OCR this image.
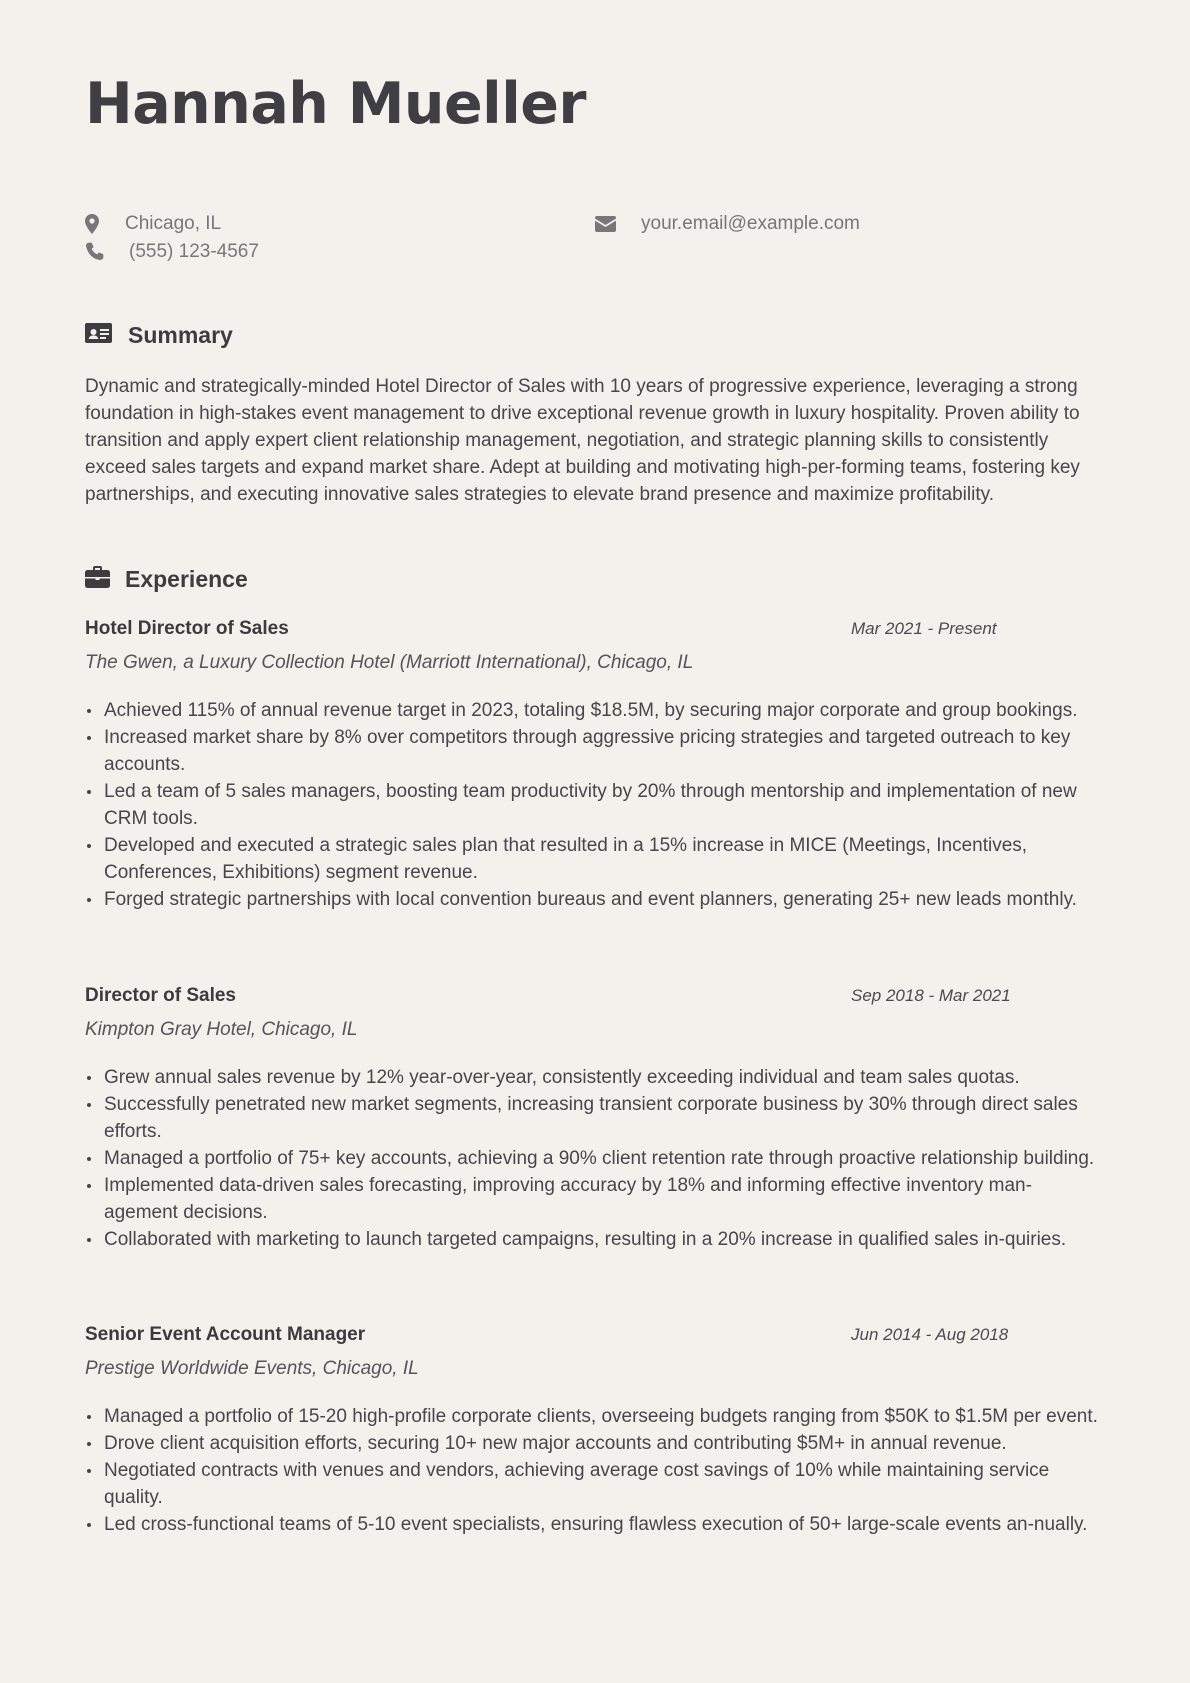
Hannah Mueller
Chicago, IL
(555) 123-4567
your.email@example.com
Summary

Dynamic and strategically-minded Hotel Director of Sales with 10 years of progressive experience, leveraging a strong foundation in high-stakes event management to drive exceptional revenue growth in luxury hospitality. Proven ability to transition and apply expert client relationship management, negotiation, and strategic planning skills to consistently exceed sales targets and expand market share. Adept at building and motivating high-per-forming teams, fostering key partnerships, and executing innovative sales strategies to elevate brand presence and maximize profitability.

Experience
Hotel Director of Sales	Mar 2021 - Present
The Gwen, a Luxury Collection Hotel (Marriott International), Chicago, IL
Achieved 115% of annual revenue target in 2023, totaling $18.5M, by securing major corporate and group bookings.
Increased market share by 8% over competitors through aggressive pricing strategies and targeted outreach to key accounts.
Led a team of 5 sales managers, boosting team productivity by 20% through mentorship and implementation of new CRM tools.
Developed and executed a strategic sales plan that resulted in a 15% increase in MICE (Meetings, Incentives, Conferences, Exhibitions) segment revenue.
Forged strategic partnerships with local convention bureaus and event planners, generating 25+ new leads monthly.
Director of Sales	Sep 2018 - Mar 2021
Kimpton Gray Hotel, Chicago, IL
Grew annual sales revenue by 12% year-over-year, consistently exceeding individual and team sales quotas.
Successfully penetrated new market segments, increasing transient corporate business by 30% through direct sales efforts.
Managed a portfolio of 75+ key accounts, achieving a 90% client retention rate through proactive relationship building.
Implemented data-driven sales forecasting, improving accuracy by 18% and informing effective inventory man-agement decisions.
Collaborated with marketing to launch targeted campaigns, resulting in a 20% increase in qualified sales in-quiries.
Senior Event Account Manager	Jun 2014 - Aug 2018
Prestige Worldwide Events, Chicago, IL
Managed a portfolio of 15-20 high-profile corporate clients, overseeing budgets ranging from $50K to $1.5M per event.
Drove client acquisition efforts, securing 10+ new major accounts and contributing $5M+ in annual revenue.
Negotiated contracts with venues and vendors, achieving average cost savings of 10% while maintaining service quality.
Led cross-functional teams of 5-10 event specialists, ensuring flawless execution of 50+ large-scale events an-nually.
